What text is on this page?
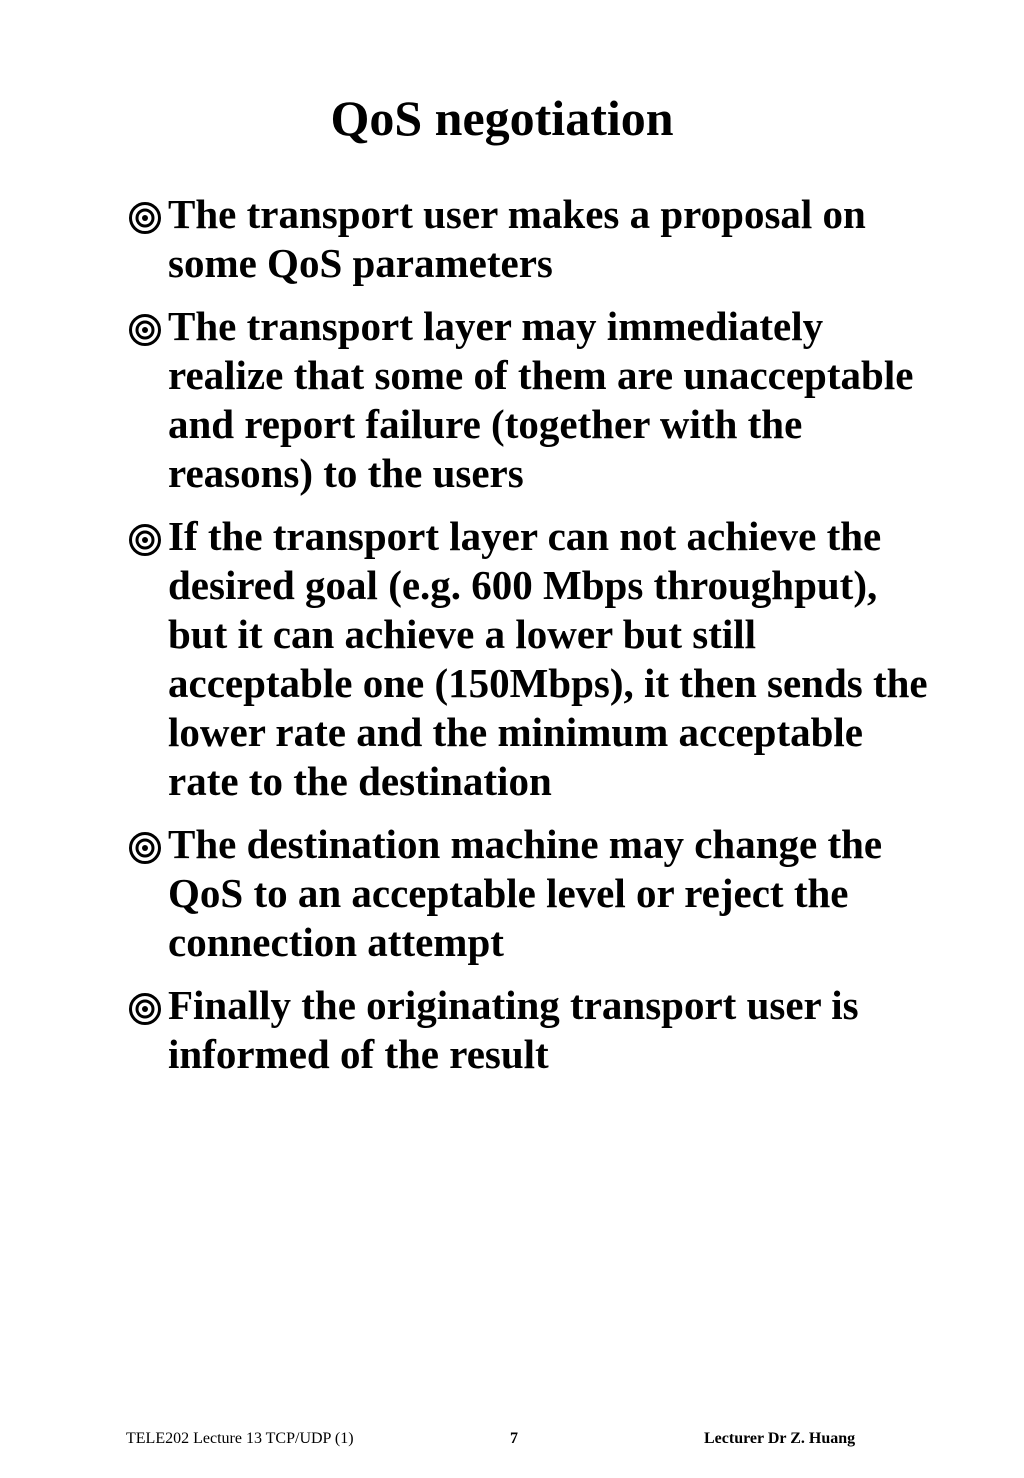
QoS negotiation
The transport user makes a proposal on some QoS parameters
The transport layer may immediately realize that some of them are unacceptable and report failure (together with the reasons) to the users
If the transport layer can not achieve the desired goal (e.g. 600 Mbps throughput), but it can achieve a lower but still acceptable one (150Mbps), it then sends the lower rate and the minimum acceptable rate to the destination
The destination machine may change the QoS to an acceptable level or reject the connection attempt
Finally the originating transport user is informed of the result
TELE202 Lecture 13 TCP/UDP (1)	7	Lecturer Dr Z. Huang
